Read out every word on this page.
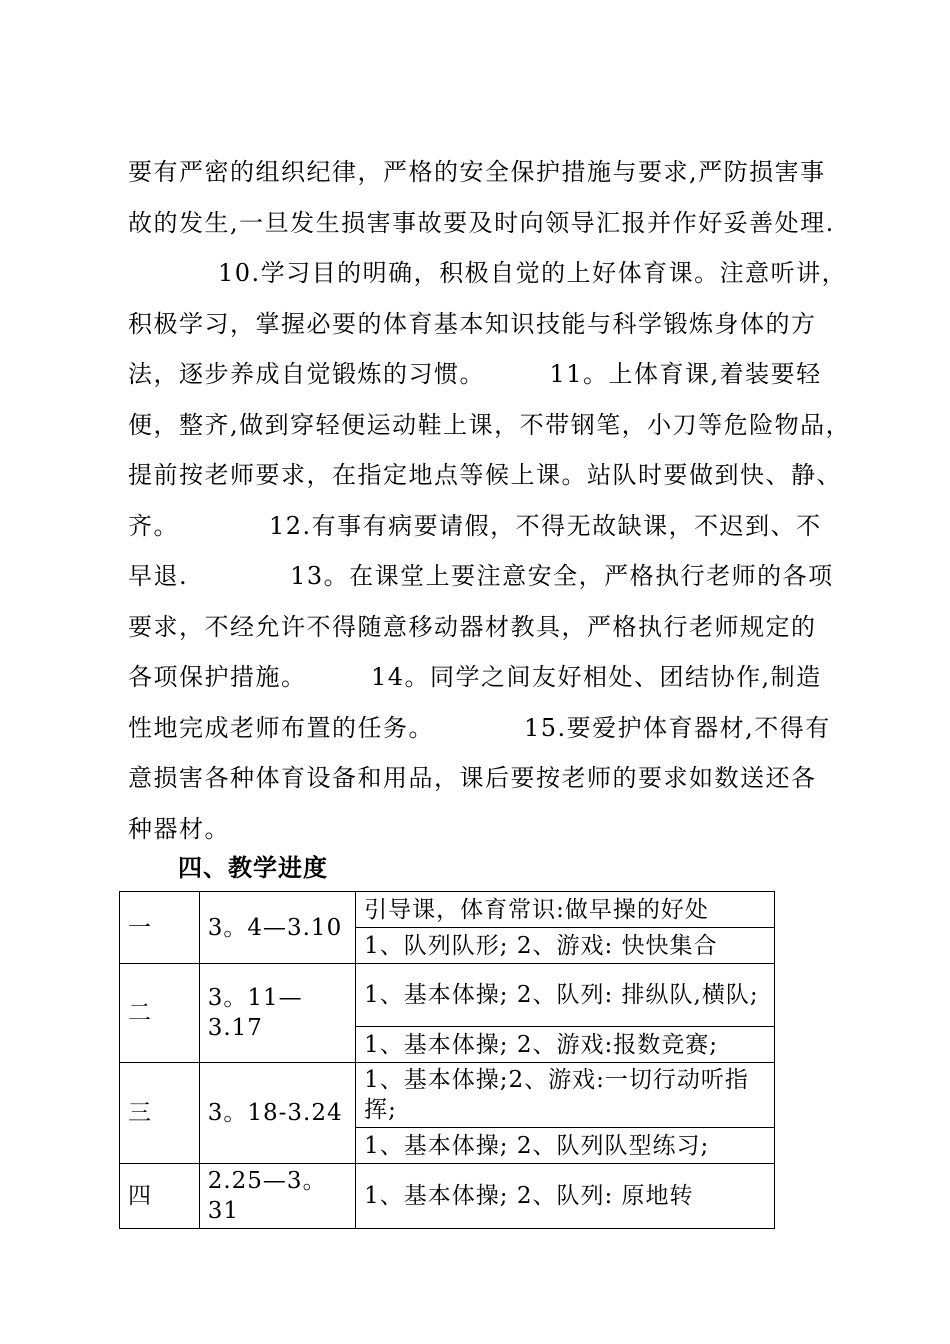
要有严密的组织纪律，严格的安全保护措施与要求,严防损害事
故的发生,一旦发生损害事故要及时向领导汇报并作好妥善处理.
10.学习目的明确，积极自觉的上好体育课。注意听讲，
积极学习，掌握必要的体育基本知识技能与科学锻炼身体的方
法，逐步养成自觉锻炼的习惯。　　　11。上体育课,着装要轻
便，整齐,做到穿轻便运动鞋上课，不带钢笔，小刀等危险物品，
提前按老师要求，在指定地点等候上课。站队时要做到快、静、
齐。　　　　12.有事有病要请假，不得无故缺课，不迟到、不
早退.　　　　13。在课堂上要注意安全，严格执行老师的各项
要求，不经允许不得随意移动器材教具，严格执行老师规定的
各项保护措施。　　　14。同学之间友好相处、团结协作,制造
性地完成老师布置的任务。　　　　15.要爱护体育器材,不得有
意损害各种体育设备和用品，课后要按老师的要求如数送还各
种器材。
四、教学进度
一	3。4—3.10	引导课，体育常识:做早操的好处
		1、队列队形; 2、游戏: 快快集合
二	3。11—3.17	1、基本体操; 2、队列: 排纵队,横队;
		1、基本体操; 2、游戏:报数竞赛;
三	3。18-3.24	1、基本体操;2、游戏:一切行动听指挥;
		1、基本体操; 2、队列队型练习;
四	2.25—3。31	1、基本体操; 2、队列: 原地转
